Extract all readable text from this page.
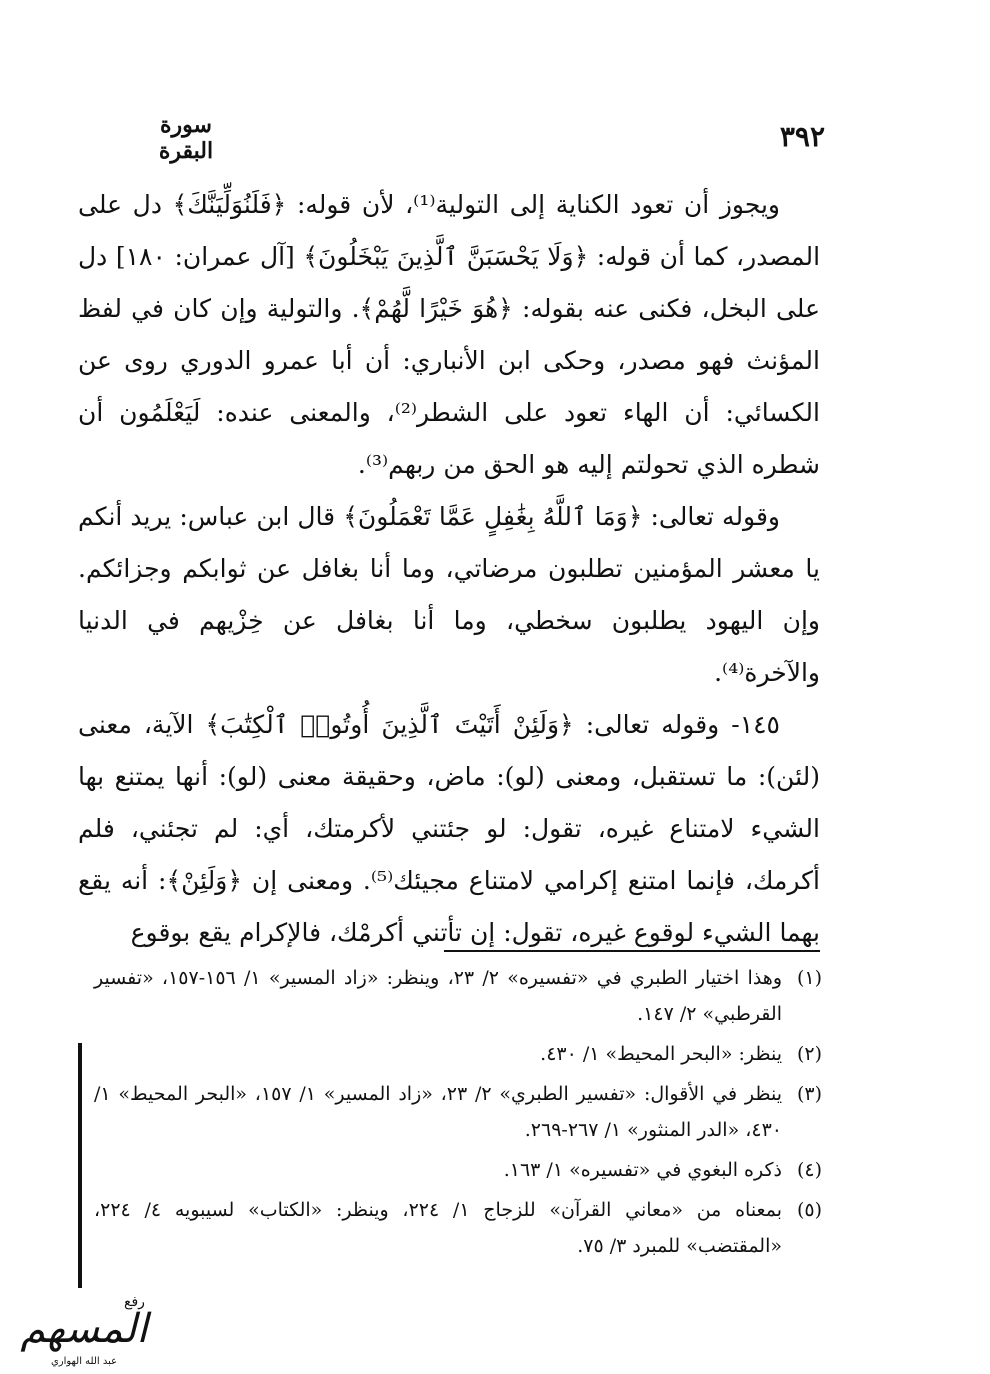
سورة البقرة	٣٩٢

ويجوز أن تعود الكناية إلى التولية⁽¹⁾، لأن قوله: ﴿فَلَنُوَلِّيَنَّكَ﴾ دل على المصدر، كما أن قوله: ﴿وَلَا يَحْسَبَنَّ ٱلَّذِينَ يَبْخَلُونَ﴾ [آل عمران: ١٨٠] دل على البخل، فكنى عنه بقوله: ﴿هُوَ خَيْرًا لَّهُمْ﴾. والتولية وإن كان في لفظ المؤنث فهو مصدر، وحكى ابن الأنباري: أن أبا عمرو الدوري روى عن الكسائي: أن الهاء تعود على الشطر⁽²⁾، والمعنى عنده: لَيَعْلَمُون أن شطره الذي تحولتم إليه هو الحق من ربهم⁽³⁾.

وقوله تعالى: ﴿وَمَا ٱللَّهُ بِغَٰفِلٍ عَمَّا تَعْمَلُونَ﴾ قال ابن عباس: يريد أنكم يا معشر المؤمنين تطلبون مرضاتي، وما أنا بغافل عن ثوابكم وجزائكم. وإن اليهود يطلبون سخطي، وما أنا بغافل عن خِزْيهم في الدنيا والآخرة⁽⁴⁾.

١٤٥- وقوله تعالى: ﴿وَلَئِنْ أَتَيْتَ ٱلَّذِينَ أُوتُوا۟ ٱلْكِتَٰبَ﴾ الآية، معنى (لئن): ما تستقبل، ومعنى (لو): ماض، وحقيقة معنى (لو): أنها يمتنع بها الشيء لامتناع غيره، تقول: لو جئتني لأكرمتك، أي: لم تجئني، فلم أكرمك، فإنما امتنع إكرامي لامتناع مجيئك⁽⁵⁾. ومعنى إن ﴿وَلَئِنْ﴾: أنه يقع بهما الشيء لوقوع غيره، تقول: إن تأتني أكرمْك، فالإكرام يقع بوقوع

(١)
وهذا اختيار الطبري في «تفسيره» ٢/ ٢٣، وينظر: «زاد المسير» ١/ ١٥٦-١٥٧، «تفسير القرطبي» ٢/ ١٤٧.
(٢)
ينظر: «البحر المحيط» ١/ ٤٣٠.
(٣)
ينظر في الأقوال: «تفسير الطبري» ٢/ ٢٣، «زاد المسير» ١/ ١٥٧، «البحر المحيط» ١/ ٤٣٠، «الدر المنثور» ١/ ٢٦٧-٢٦٩.
(٤)
ذكره البغوي في «تفسيره» ١/ ١٦٣.
(٥)
بمعناه من «معاني القرآن» للزجاج ١/ ٢٢٤، وينظر: «الكتاب» لسيبويه ٤/ ٢٢٤، «المقتضب» للمبرد ٣/ ٧٥.
رفع
المسهم
عبد الله الهواري
